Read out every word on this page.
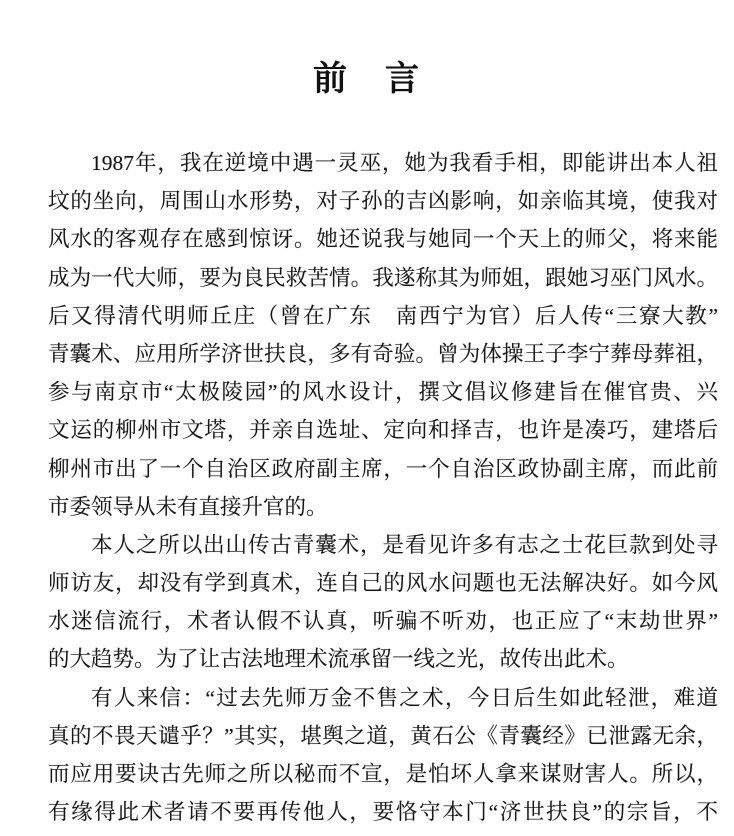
前　言
1987年，我在逆境中遇一灵巫，她为我看手相，即能讲出本人祖
坟的坐向，周围山水形势，对子孙的吉凶影响，如亲临其境，使我对
风水的客观存在感到惊讶。她还说我与她同一个天上的师父，将来能
成为一代大师，要为良民救苦情。我遂称其为师姐，跟她习巫门风水。
后又得清代明师丘庄（曾在广东　南西宁为官）后人传“三寮大教”
青囊术、应用所学济世扶良，多有奇验。曾为体操王子李宁葬母葬祖，
参与南京市“太极陵园”的风水设计，撰文倡议修建旨在催官贵、兴
文运的柳州市文塔，并亲自选址、定向和择吉，也许是凑巧，建塔后
柳州市出了一个自治区政府副主席，一个自治区政协副主席，而此前
市委领导从未有直接升官的。
本人之所以出山传古青囊术，是看见许多有志之士花巨款到处寻
师访友，却没有学到真术，连自己的风水问题也无法解决好。如今风
水迷信流行，术者认假不认真，听骗不听劝，也正应了“末劫世界”
的大趋势。为了让古法地理术流承留一线之光，故传出此术。
有人来信：“过去先师万金不售之术，今日后生如此轻泄，难道
真的不畏天谴乎？”其实，堪舆之道，黄石公《青囊经》已泄露无余，
而应用要诀古先师之所以秘而不宣，是怕坏人拿来谋财害人。所以，
有缘得此术者请不要再传他人，要恪守本门“济世扶良”的宗旨，不
